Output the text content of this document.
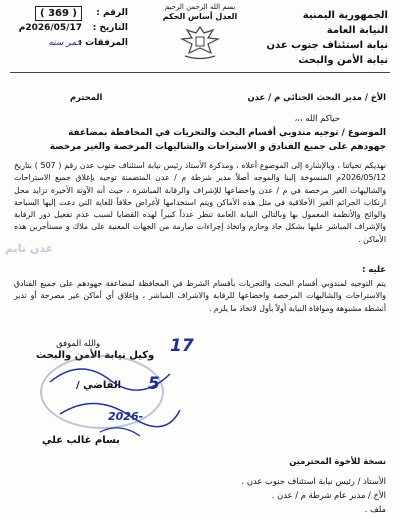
الجمهورية اليمنية
النيابة العامة
نيابة استئناف جنوب عدن
نيابة الأمن والبحث
بسم الله الرحمن الرحيم
العدل أساس الحكم
الرقم :
( 369 )
التاريخ :
2026/05/17م
المرفقات :
حمر سنه
الأخ / مدير البحث الجنائي م / عدن
المحترم
حياكم الله ،،،
الموضوع / توجيه مندوبي أقسام البحث والتحريات في المحافظة بمضاعفة
جهودهم على جميع الفنادق و الاستراحات والشاليهات المرخصة والغير مرخصة
نهديكم تحياتنا ، وبالإشارة إلى الموضوع أعلاه ، ومذكرة الأستاذ رئيس نيابة استئناف جنوب عدن رقم ( 507 ) بتاريخ 2026/05/12م المنسوخة إلينا والموجه أصلاً مدير شرطة م / عدن المتضمنة توجيه بإغلاق جميع الاستراحات والشاليهات الغير مرخصة في م / عدن واخضاعها للإشراف والرقابة المباشرة ، حيث أنه الآونة الأخيرة تزايد محل ارتكاب الجرائم الغير الأخلاقية في مثل هذه الأماكن ويتم استخدامها لأغراض خلافاً للغاية التي دعت إليها السياحة والوائح والأنظمة المعمول بها وبالتالي النيابة العامة تنظر عدداً كبيراً لهذه القضايا لسبب عدم تفعيل دور الرقابة والإشراف المباشر عليها بشكل جاد وحازم واتخاذ إجراءات صارمة من الجهات المعنية على ملاك و مستأجرين هذه الأماكن .
عليه :
يتم التوجيه لمندوبي أقسام البحث والتحريات بأقسام الشرط في المحافظة لمضاعفة جهودهم على جميع الفنادق والاستراحات والشاليهات المرخصة واخضاعها للرقابة والاشراف المباشر ، وإغلاق أي أماكن غير مصرحة أو تدير أنشطة مشبوهة وموافاة النيابة أولاً بأول لاتخاذ ما يلزم .
عدن تايم
والله الموفق
وكيل نيابة الأمن والبحث
القاضي /
بسام غالب علي
17
5
2026-
نسخة للأخوة المحترمين
الأستاذ / رئيس نيابة استئناف جنوب عدن .
الأخ / مدير عام شرطة م / عدن .
ملف .
